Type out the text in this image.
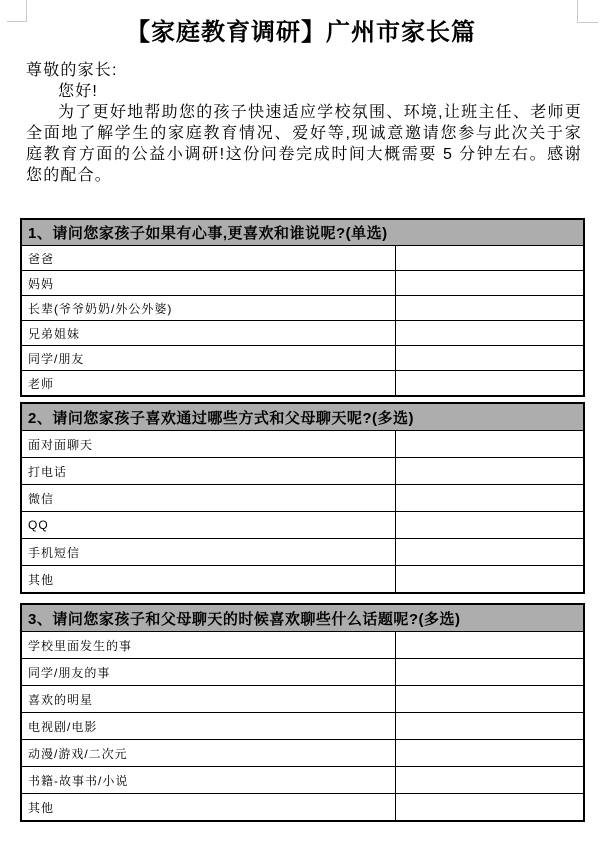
【家庭教育调研】广州市家长篇
尊敬的家长:
您好!
为了更好地帮助您的孩子快速适应学校氛围、环境,让班主任、老师更全面地了解学生的家庭教育情况、爱好等,现诚意邀请您参与此次关于家庭教育方面的公益小调研!这份问卷完成时间大概需要 5 分钟左右。感谢您的配合。
1、请问您家孩子如果有心事,更喜欢和谁说呢?(单选)	
爸爸	
妈妈	
长辈(爷爷奶奶/外公外婆)	
兄弟姐妹	
同学/朋友	
老师	
2、请问您家孩子喜欢通过哪些方式和父母聊天呢?(多选)	
面对面聊天	
打电话	
微信	
QQ	
手机短信	
其他	
3、请问您家孩子和父母聊天的时候喜欢聊些什么话题呢?(多选)	
学校里面发生的事	
同学/朋友的事	
喜欢的明星	
电视剧/电影	
动漫/游戏/二次元	
书籍-故事书/小说	
其他	
